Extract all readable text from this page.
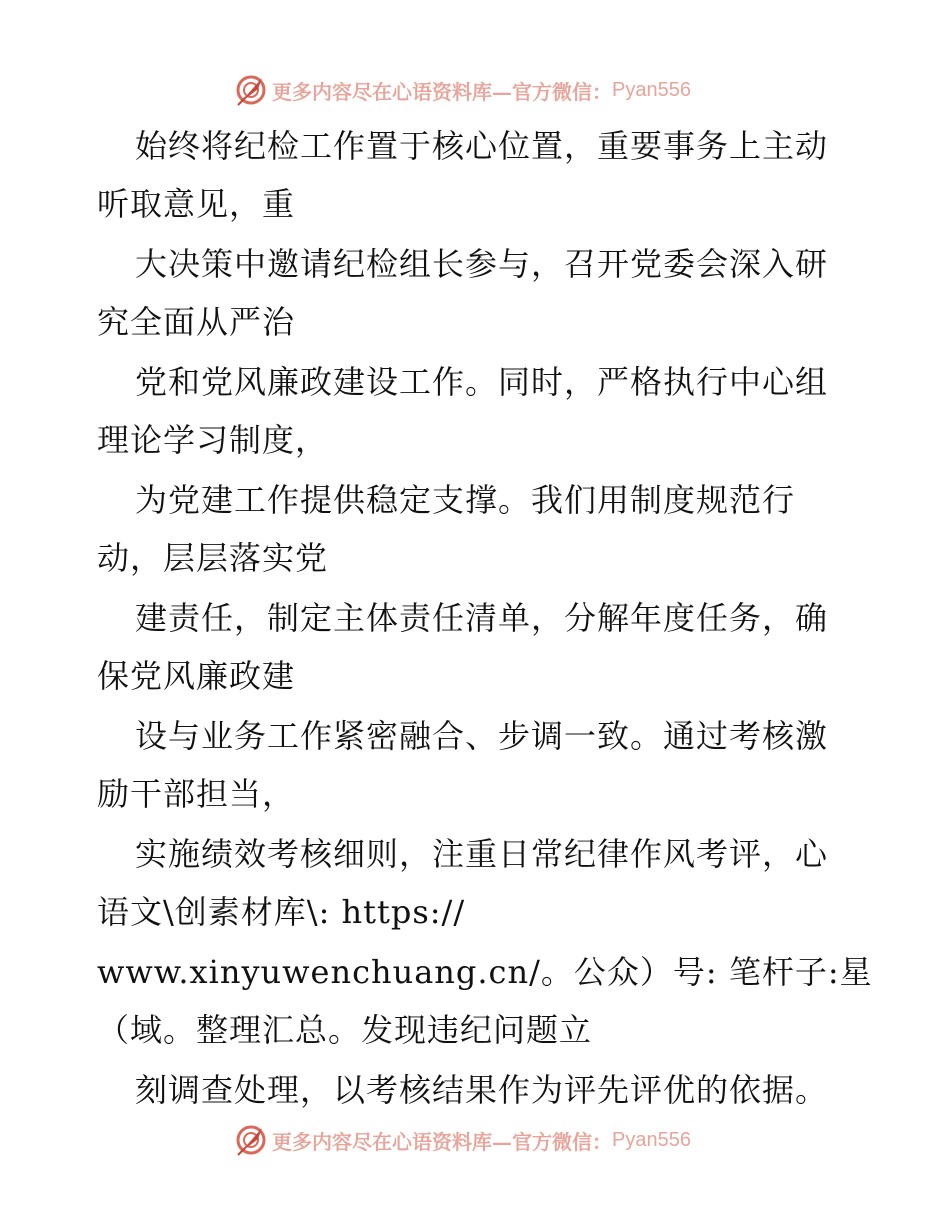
更多内容尽在心语资料库—官方微信： Pyan556
始终将纪检工作置于核心位置，重要事务上主动
听取意见，重
大决策中邀请纪检组长参与，召开党委会深入研
究全面从严治
党和党风廉政建设工作。同时，严格执行中心组
理论学习制度，
为党建工作提供稳定支撑。我们用制度规范行
动，层层落实党
建责任，制定主体责任清单，分解年度任务，确
保党风廉政建
设与业务工作紧密融合、步调一致。通过考核激
励干部担当，
实施绩效考核细则，注重日常纪律作风考评，心
语文\创素材库\: https://
www.xinyuwenchuang.cn/。公众）号: 笔杆子:星
（域。整理汇总。发现违纪问题立
刻调查处理，以考核结果作为评先评优的依据。
更多内容尽在心语资料库—官方微信： Pyan556
